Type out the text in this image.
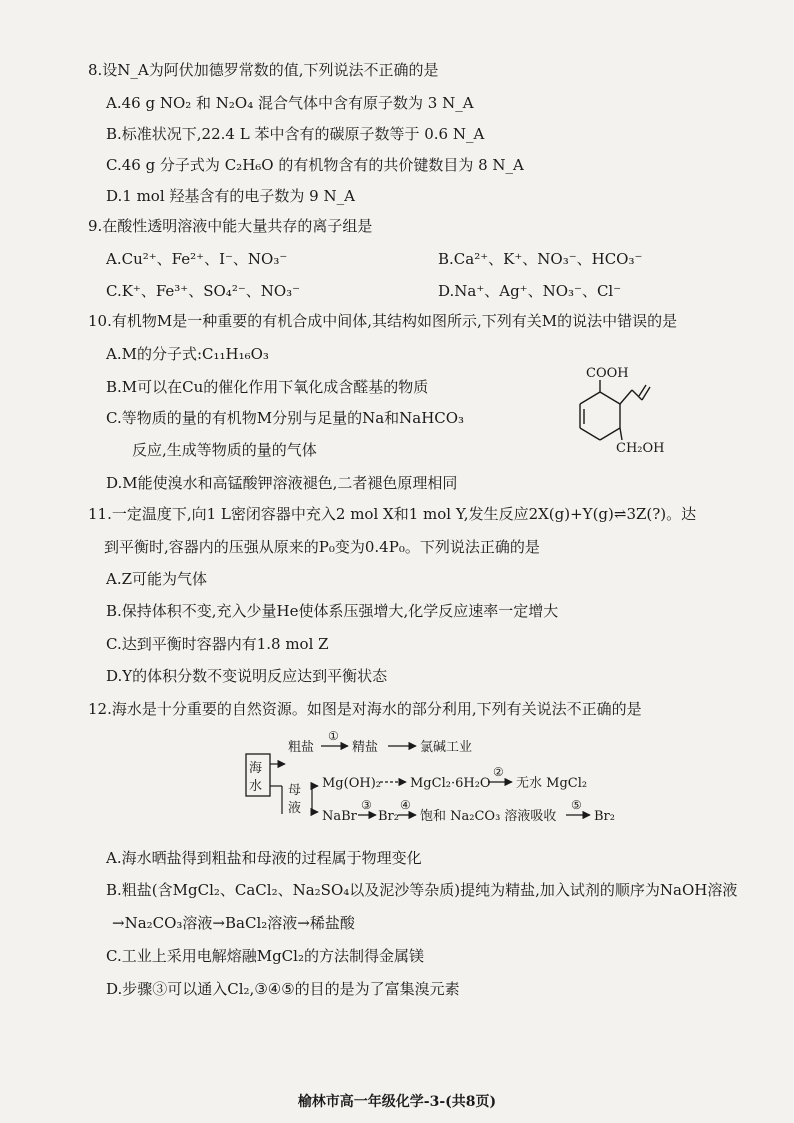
8.设N_A为阿伏加德罗常数的值,下列说法不正确的是
A.46 g NO₂ 和 N₂O₄ 混合气体中含有原子数为 3 N_A
B.标准状况下,22.4 L 苯中含有的碳原子数等于 0.6 N_A
C.46 g 分子式为 C₂H₆O 的有机物含有的共价键数目为 8 N_A
D.1 mol 羟基含有的电子数为 9 N_A
9.在酸性透明溶液中能大量共存的离子组是
A.Cu²⁺、Fe²⁺、I⁻、NO₃⁻	B.Ca²⁺、K⁺、NO₃⁻、HCO₃⁻
C.K⁺、Fe³⁺、SO₄²⁻、NO₃⁻	D.Na⁺、Ag⁺、NO₃⁻、Cl⁻
10.有机物M是一种重要的有机合成中间体,其结构如图所示,下列有关M的说法中错误的是
A.M的分子式:C₁₁H₁₆O₃
B.M可以在Cu的催化作用下氧化成含醛基的物质
C.等物质的量的有机物M分别与足量的Na和NaHCO₃
反应,生成等物质的量的气体
D.M能使溴水和高锰酸钾溶液褪色,二者褪色原理相同
COOH
CH₂OH
11.一定温度下,向1 L密闭容器中充入2 mol X和1 mol Y,发生反应2X(g)+Y(g)⇌3Z(?)。达
到平衡时,容器内的压强从原来的P₀变为0.4P₀。下列说法正确的是
A.Z可能为气体
B.保持体积不变,充入少量He使体系压强增大,化学反应速率一定增大
C.达到平衡时容器内有1.8 mol Z
D.Y的体积分数不变说明反应达到平衡状态
12.海水是十分重要的自然资源。如图是对海水的部分利用,下列有关说法不正确的是
海
水
粗盐
①
精盐	氯碱工业
母
液
Mg(OH)₂ MgCl₂·6H₂O
②
无水 MgCl₂
NaBr
③
Br₂
④
饱和 Na₂CO₃ 溶液吸收
⑤
Br₂
A.海水晒盐得到粗盐和母液的过程属于物理变化
B.粗盐(含MgCl₂、CaCl₂、Na₂SO₄以及泥沙等杂质)提纯为精盐,加入试剂的顺序为NaOH溶液
→Na₂CO₃溶液→BaCl₂溶液→稀盐酸
C.工业上采用电解熔融MgCl₂的方法制得金属镁
D.步骤③可以通入Cl₂,③④⑤的目的是为了富集溴元素
榆林市高一年级化学-3-(共8页)
